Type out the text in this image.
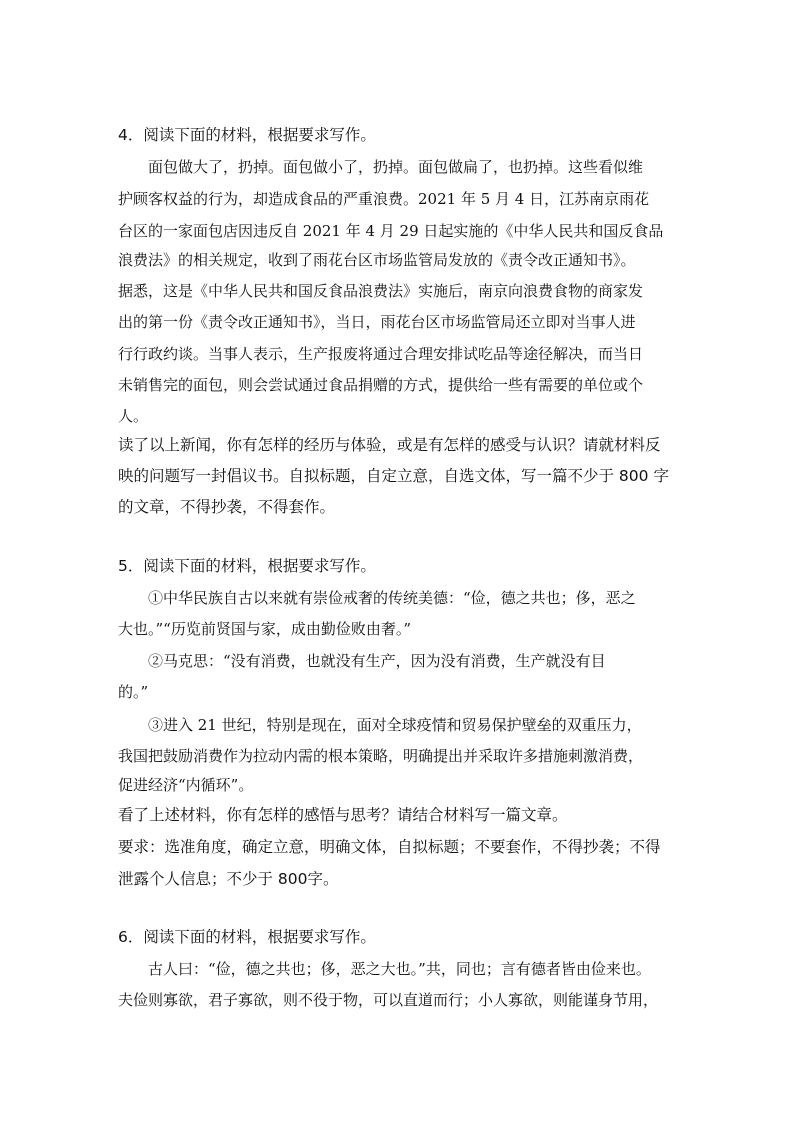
4．阅读下面的材料，根据要求写作。
面包做大了，扔掉。面包做小了，扔掉。面包做扁了，也扔掉。这些看似维
护顾客权益的行为，却造成食品的严重浪费。2021 年 5 月 4 日，江苏南京雨花
台区的一家面包店因违反自 2021 年 4 月 29 日起实施的《中华人民共和国反食品
浪费法》的相关规定，收到了雨花台区市场监管局发放的《责令改正通知书》。
据悉，这是《中华人民共和国反食品浪费法》实施后，南京向浪费食物的商家发
出的第一份《责令改正通知书》，当日，雨花台区市场监管局还立即对当事人进
行行政约谈。当事人表示，生产报废将通过合理安排试吃品等途径解决，而当日
未销售完的面包，则会尝试通过食品捐赠的方式，提供给一些有需要的单位或个
人。
读了以上新闻，你有怎样的经历与体验，或是有怎样的感受与认识？请就材料反
映的问题写一封倡议书。自拟标题，自定立意，自选文体，写一篇不少于 800 字
的文章，不得抄袭，不得套作。
5．阅读下面的材料，根据要求写作。
①中华民族自古以来就有崇俭戒奢的传统美德：“俭，德之共也；侈，恶之
大也。”“历览前贤国与家，成由勤俭败由奢。”
②马克思：“没有消费，也就没有生产，因为没有消费，生产就没有目
的。”
③进入 21 世纪，特别是现在，面对全球疫情和贸易保护壁垒的双重压力，
我国把鼓励消费作为拉动内需的根本策略，明确提出并采取许多措施刺激消费，
促进经济“内循环”。
看了上述材料，你有怎样的感悟与思考？请结合材料写一篇文章。
要求：选准角度，确定立意，明确文体，自拟标题；不要套作，不得抄袭；不得
泄露个人信息；不少于 800字。
6．阅读下面的材料，根据要求写作。
古人曰：“俭，德之共也；侈，恶之大也。”共，同也；言有德者皆由俭来也。
夫俭则寡欲，君子寡欲，则不役于物，可以直道而行；小人寡欲，则能谨身节用，
